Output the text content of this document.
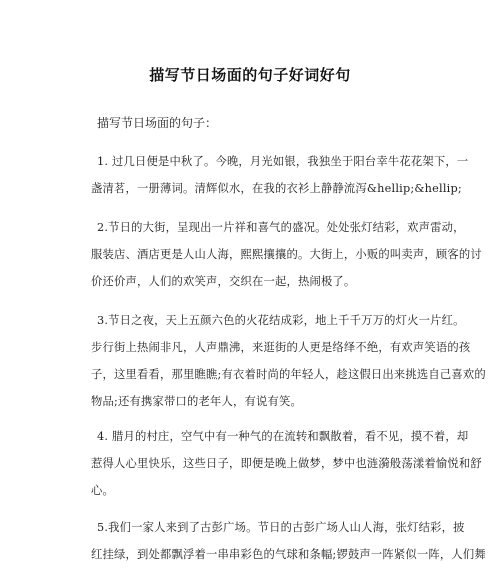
描写节日场面的句子好词好句
描写节日场面的句子：
1. 过几日便是中秋了。今晚，月光如银，我独坐于阳台幸牛花花架下，一
盏清茗，一册薄词。清辉似水，在我的衣衫上静静流泻&hellip;&hellip;
2.节日的大街，呈现出一片祥和喜气的盛况。处处张灯结彩，欢声雷动，
服装店、酒店更是人山人海，熙熙攘攘的。大街上，小贩的叫卖声，顾客的讨
价还价声，人们的欢笑声，交织在一起，热闹极了。
3.节日之夜，天上五颜六色的火花结成彩，地上千千万万的灯火一片红。
步行街上热闹非凡，人声鼎沸，来逛街的人更是络绎不绝，有欢声笑语的孩
子，这里看看，那里瞧瞧;有衣着时尚的年轻人，趁这假日出来挑选自己喜欢的
物品;还有携家带口的老年人，有说有笑。
4. 腊月的村庄，空气中有一种气的在流转和飘散着，看不见，摸不着，却
惹得人心里快乐，这些日子，即便是晚上做梦，梦中也涟漪般荡漾着愉悦和舒
心。
5.我们一家人来到了古彭广场。节日的古彭广场人山人海，张灯结彩，披
红挂绿，到处都飘浮着一串串彩色的气球和条幅;锣鼓声一阵紧似一阵，人们舞
